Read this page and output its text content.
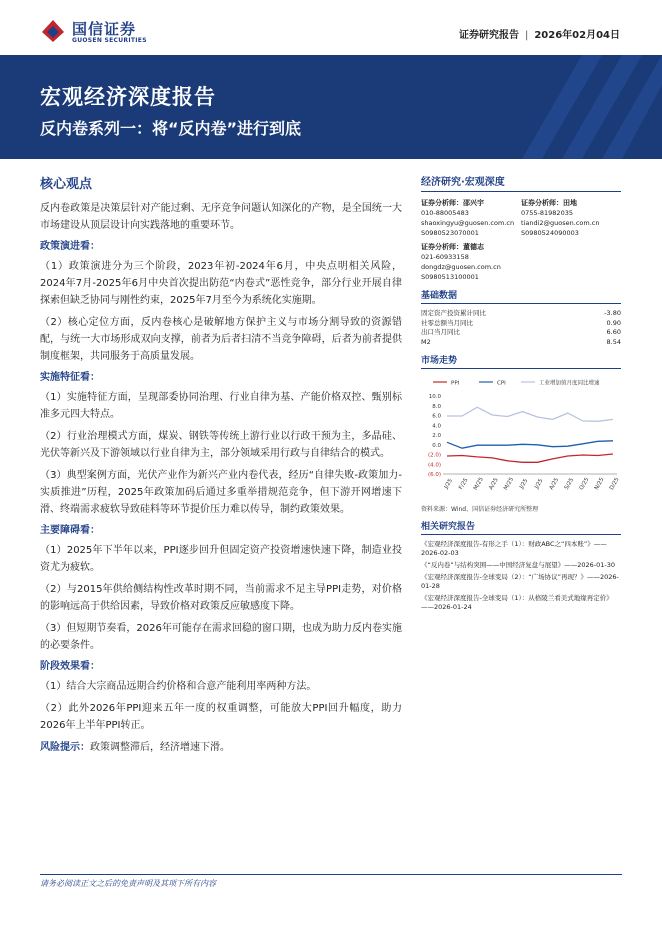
国信证券
GUOSEN SECURITIES	证券研究报告 | 2026年02月04日
宏观经济深度报告
反内卷系列一：将“反内卷”进行到底
核心观点
反内卷政策是决策层针对产能过剩、无序竞争问题认知深化的产物，是全国统一大市场建设从顶层设计向实践落地的重要环节。
政策演进看：
（1）政策演进分为三个阶段，2023年初-2024年6月，中央点明相关风险，2024年7月-2025年6月中央首次提出防范“内卷式”恶性竞争，部分行业开展自律探索但缺乏协同与刚性约束，2025年7月至今为系统化实施期。
（2）核心定位方面，反内卷核心是破解地方保护主义与市场分割导致的资源错配，与统一大市场形成双向支撑，前者为后者扫清不当竞争障碍，后者为前者提供制度框架，共同服务于高质量发展。
实施特征看：
（1）实施特征方面，呈现部委协同治理、行业自律为基、产能价格双控、甄别标准多元四大特点。
（2）行业治理模式方面，煤炭、钢铁等传统上游行业以行政干预为主，多晶硅、光伏等新兴及下游领域以行业自律为主，部分领域采用行政与自律结合的模式。
（3）典型案例方面，光伏产业作为新兴产业内卷代表，经历“自律失败-政策加力-实质推进”历程，2025年政策加码后通过多重举措规范竞争，但下游开网增速下滑、终端需求疲软导致硅料等环节提价压力难以传导，制约政策效果。
主要障碍看：
（1）2025年下半年以来，PPI逐步回升但固定资产投资增速快速下降，制造业投资尤为疲软。
（2）与2015年供给侧结构性改革时期不同，当前需求不足主导PPI走势，对价格的影响远高于供给因素，导致价格对政策反应敏感度下降。
（3）但短期节奏看，2026年可能存在需求回稳的窗口期，也成为助力反内卷实施的必要条件。
阶段效果看：
（1）结合大宗商品远期合约价格和合意产能利用率两种方法。
（2）此外2026年PPI迎来五年一度的权重调整，可能放大PPI回升幅度，助力2026年上半年PPI转正。
风险提示：政策调整滞后，经济增速下滑。
经济研究·宏观深度
证券分析师：邵兴宇
010-88005483
shaoxingyu@guosen.com.cn
S0980523070001
证券分析师：田地
0755-81982035
tiandi2@guosen.com.cn
S0980524090003
证券分析师：董德志
021-60933158
dongdz@guosen.com.cn
S0980513100001
基础数据
固定资产投资累计同比	-3.80
社零总额当月同比	0.90
出口当月同比	6.60
M2	8.54
市场走势
PPI	CPI	工业增加值月度同比增速
10.0
8.0
6.0
4.0
2.0
0.0
(2.0)
(4.0)
(6.0)
J/25 F/25 M/25 A/25 M/25 J/25 J/25 A/25 S/25 O/25 N/25 D/25
资料来源：Wind、国信证券经济研究所整理
相关研究报告
《宏观经济深度报告-有形之手（1）：财政ABC之“四本账”》——2026-02-03
《“反内卷”与结构突围——中国经济复盘与展望》——2026-01-30
《宏观经济深度报告-全球变局（2）：“广场协议”再现？》——2026-01-28
《宏观经济深度报告-全球变局（1）：从格陵兰看美式地缘再定价》——2026-01-24
请务必阅读正文之后的免责声明及其项下所有内容
